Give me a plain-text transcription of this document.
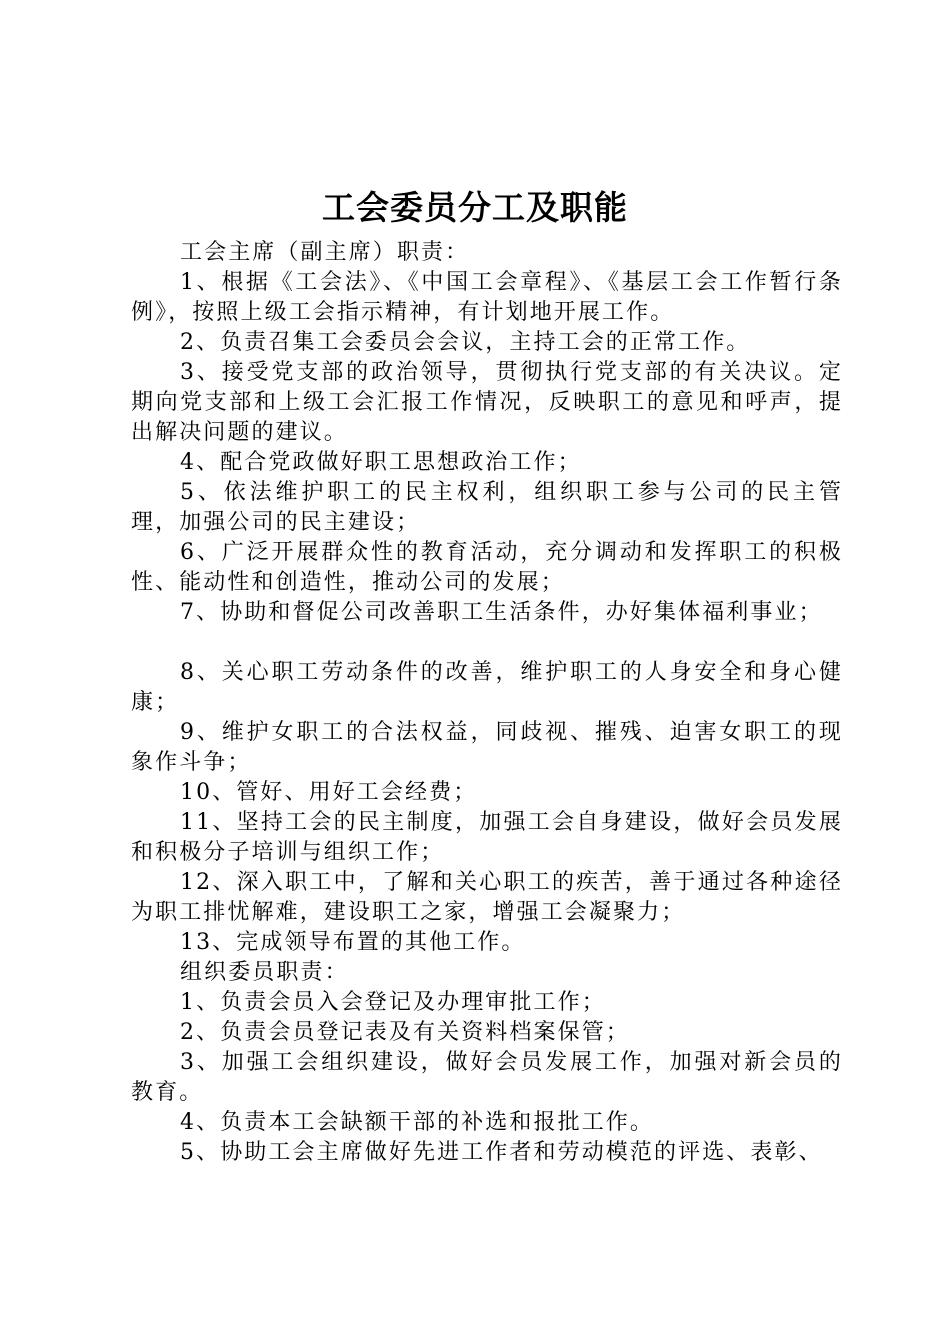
工会委员分工及职能

工会主席（副主席）职责：

1、根据《工会法》、《中国工会章程》、《基层工会工作暂行条例》，按照上级工会指示精神，有计划地开展工作。

2、负责召集工会委员会会议，主持工会的正常工作。

3、接受党支部的政治领导，贯彻执行党支部的有关决议。定期向党支部和上级工会汇报工作情况，反映职工的意见和呼声，提出解决问题的建议。

4、配合党政做好职工思想政治工作；

5、依法维护职工的民主权利，组织职工参与公司的民主管理，加强公司的民主建设；

6、广泛开展群众性的教育活动，充分调动和发挥职工的积极性、能动性和创造性，推动公司的发展；

7、协助和督促公司改善职工生活条件，办好集体福利事业；

8、关心职工劳动条件的改善，维护职工的人身安全和身心健康；

9、维护女职工的合法权益，同歧视、摧残、迫害女职工的现象作斗争；

10、管好、用好工会经费；

11、坚持工会的民主制度，加强工会自身建设，做好会员发展和积极分子培训与组织工作；

12、深入职工中，了解和关心职工的疾苦，善于通过各种途径为职工排忧解难，建设职工之家，增强工会凝聚力；

13、完成领导布置的其他工作。

组织委员职责：

1、负责会员入会登记及办理审批工作；

2、负责会员登记表及有关资料档案保管；

3、加强工会组织建设，做好会员发展工作，加强对新会员的教育。

4、负责本工会缺额干部的补选和报批工作。

5、协助工会主席做好先进工作者和劳动模范的评选、表彰、
